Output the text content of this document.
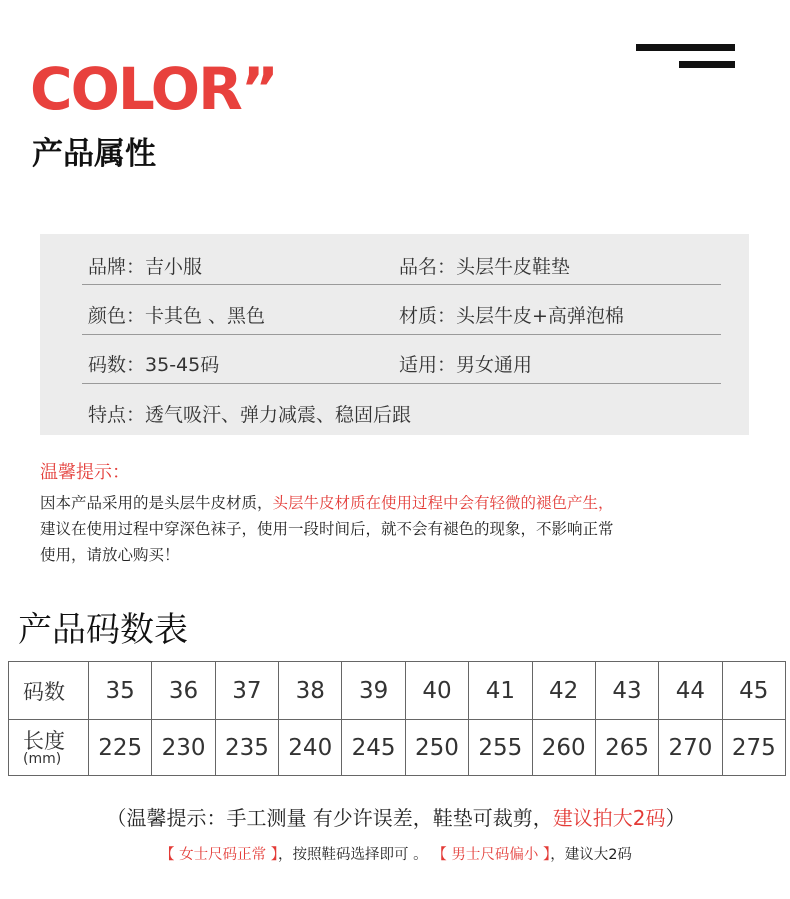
COLOR”
产品属性
品牌：吉小服	品名：头层牛皮鞋垫
颜色：卡其色 、黑色	材质：头层牛皮+高弹泡棉
码数：35-45码	适用：男女通用
特点：透气吸汗、弹力减震、稳固后跟
温馨提示：
因本产品采用的是头层牛皮材质，头层牛皮材质在使用过程中会有轻微的褪色产生，
建议在使用过程中穿深色袜子，使用一段时间后，就不会有褪色的现象，不影响正常
使用，请放心购买！
产品码数表
码数	35	36	37	38	39	40	41	42	43	44	45

长度
(mm)	225	230	235	240	245	250	255	260	265	270	275
（温馨提示：手工测量 有少许误差，鞋垫可裁剪，建议拍大2码）
【 女士尺码正常 】，按照鞋码选择即可 。 【 男士尺码偏小 】，建议大2码
